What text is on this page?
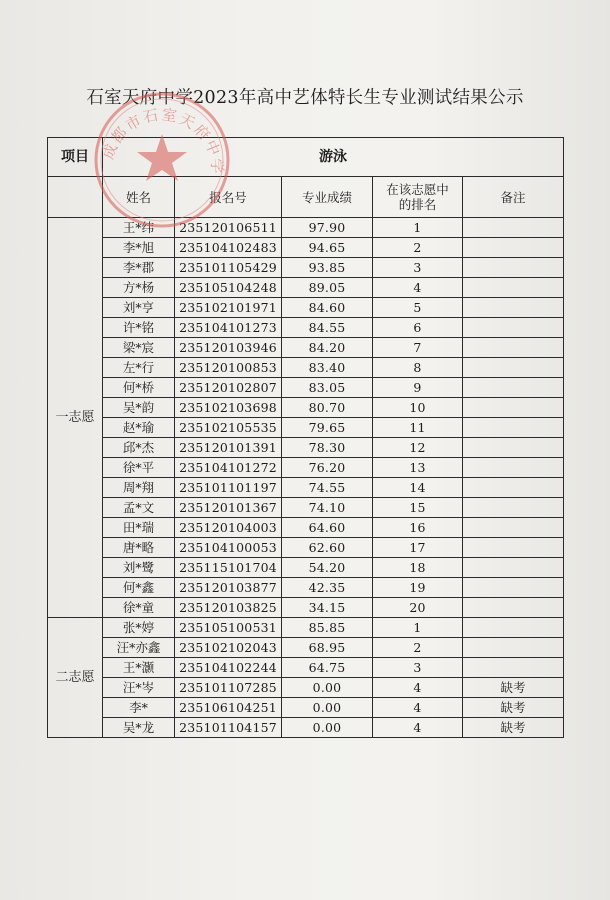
石室天府中学2023年高中艺体特长生专业测试结果公示
项目	游泳				
	姓名	报名号	专业成绩	在该志愿中
的排名	备注
一志愿	王*纬	235120106511	97.90	1	
	李*旭	235104102483	94.65	2	
	李*郡	235101105429	93.85	3	
	方*杨	235105104248	89.05	4	
	刘*亨	235102101971	84.60	5	
	许*铭	235104101273	84.55	6	
	梁*宸	235120103946	84.20	7	
	左*行	235120100853	83.40	8	
	何*桥	235120102807	83.05	9	
	吴*韵	235102103698	80.70	10	
	赵*瑜	235102105535	79.65	11	
	邱*杰	235120101391	78.30	12	
	徐*平	235104101272	76.20	13	
	周*翔	235101101197	74.55	14	
	孟*文	235120101367	74.10	15	
	田*瑞	235120104003	64.60	16	
	唐*略	235104100053	62.60	17	
	刘*鹭	235115101704	54.20	18	
	何*鑫	235120103877	42.35	19	
	徐*童	235120103825	34.15	20	
二志愿	张*婷	235105100531	85.85	1	
	汪*亦鑫	235102102043	68.95	2	
	王*灏	235104102244	64.75	3	
	汪*岑	235101107285	0.00	4	缺考
	李*	235106104251	0.00	4	缺考
	吴*龙	235101104157	0.00	4	缺考
成都市石室天府中学
